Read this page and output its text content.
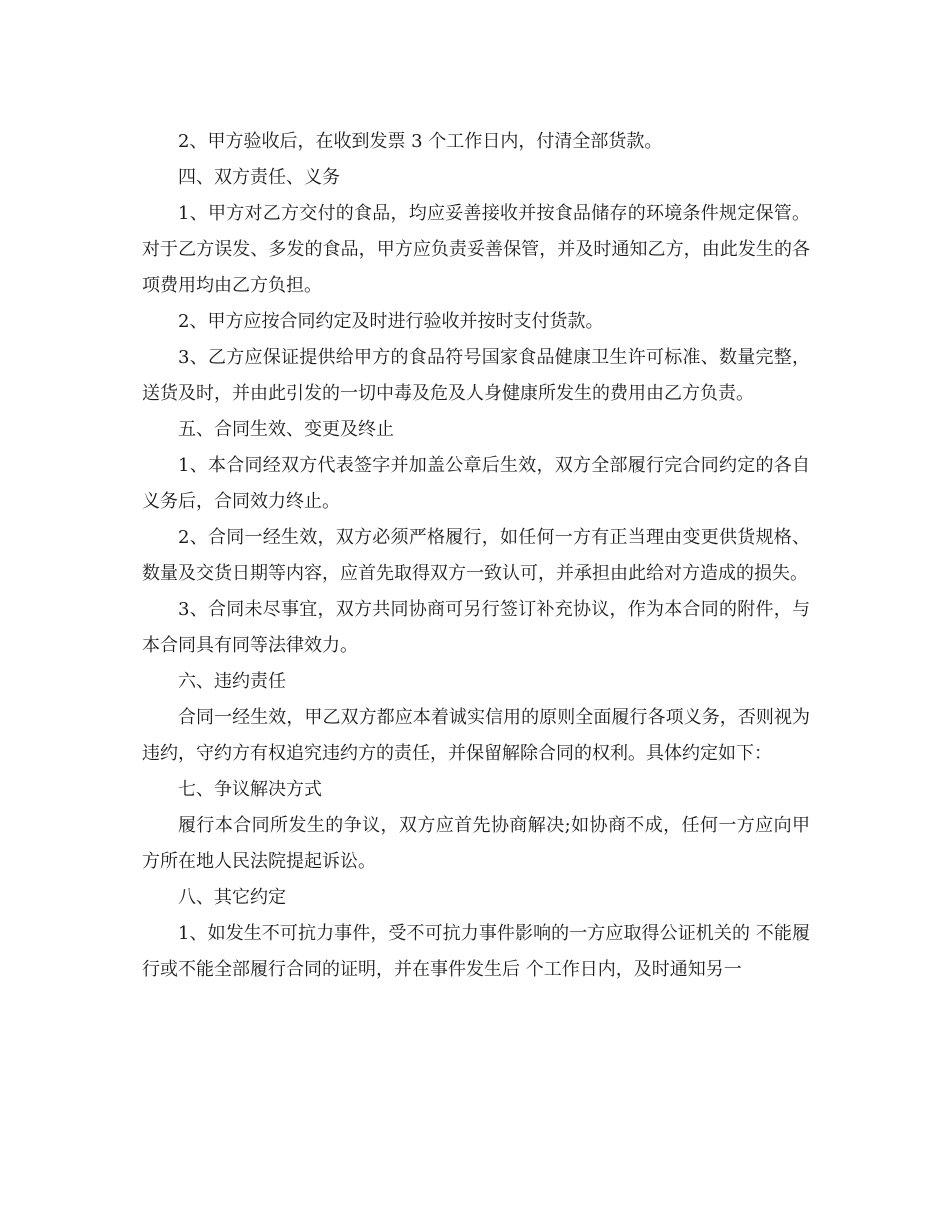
2、甲方验收后，在收到发票 3 个工作日内，付清全部货款。

四、双方责任、义务

1、甲方对乙方交付的食品，均应妥善接收并按食品储存的环境条件规定保管。对于乙方误发、多发的食品，甲方应负责妥善保管，并及时通知乙方，由此发生的各项费用均由乙方负担。

2、甲方应按合同约定及时进行验收并按时支付货款。

3、乙方应保证提供给甲方的食品符号国家食品健康卫生许可标准、数量完整，送货及时，并由此引发的一切中毒及危及人身健康所发生的费用由乙方负责。

五、合同生效、变更及终止

1、本合同经双方代表签字并加盖公章后生效，双方全部履行完合同约定的各自义务后，合同效力终止。

2、合同一经生效，双方必须严格履行，如任何一方有正当理由变更供货规格、数量及交货日期等内容，应首先取得双方一致认可，并承担由此给对方造成的损失。

3、合同未尽事宜，双方共同协商可另行签订补充协议，作为本合同的附件，与本合同具有同等法律效力。

六、违约责任

合同一经生效，甲乙双方都应本着诚实信用的原则全面履行各项义务，否则视为违约，守约方有权追究违约方的责任，并保留解除合同的权利。具体约定如下：

七、争议解决方式

履行本合同所发生的争议，双方应首先协商解决;如协商不成，任何一方应向甲方所在地人民法院提起诉讼。

八、其它约定

1、如发生不可抗力事件，受不可抗力事件影响的一方应取得公证机关的 不能履行或不能全部履行合同的证明，并在事件发生后 个工作日内，及时通知另一
